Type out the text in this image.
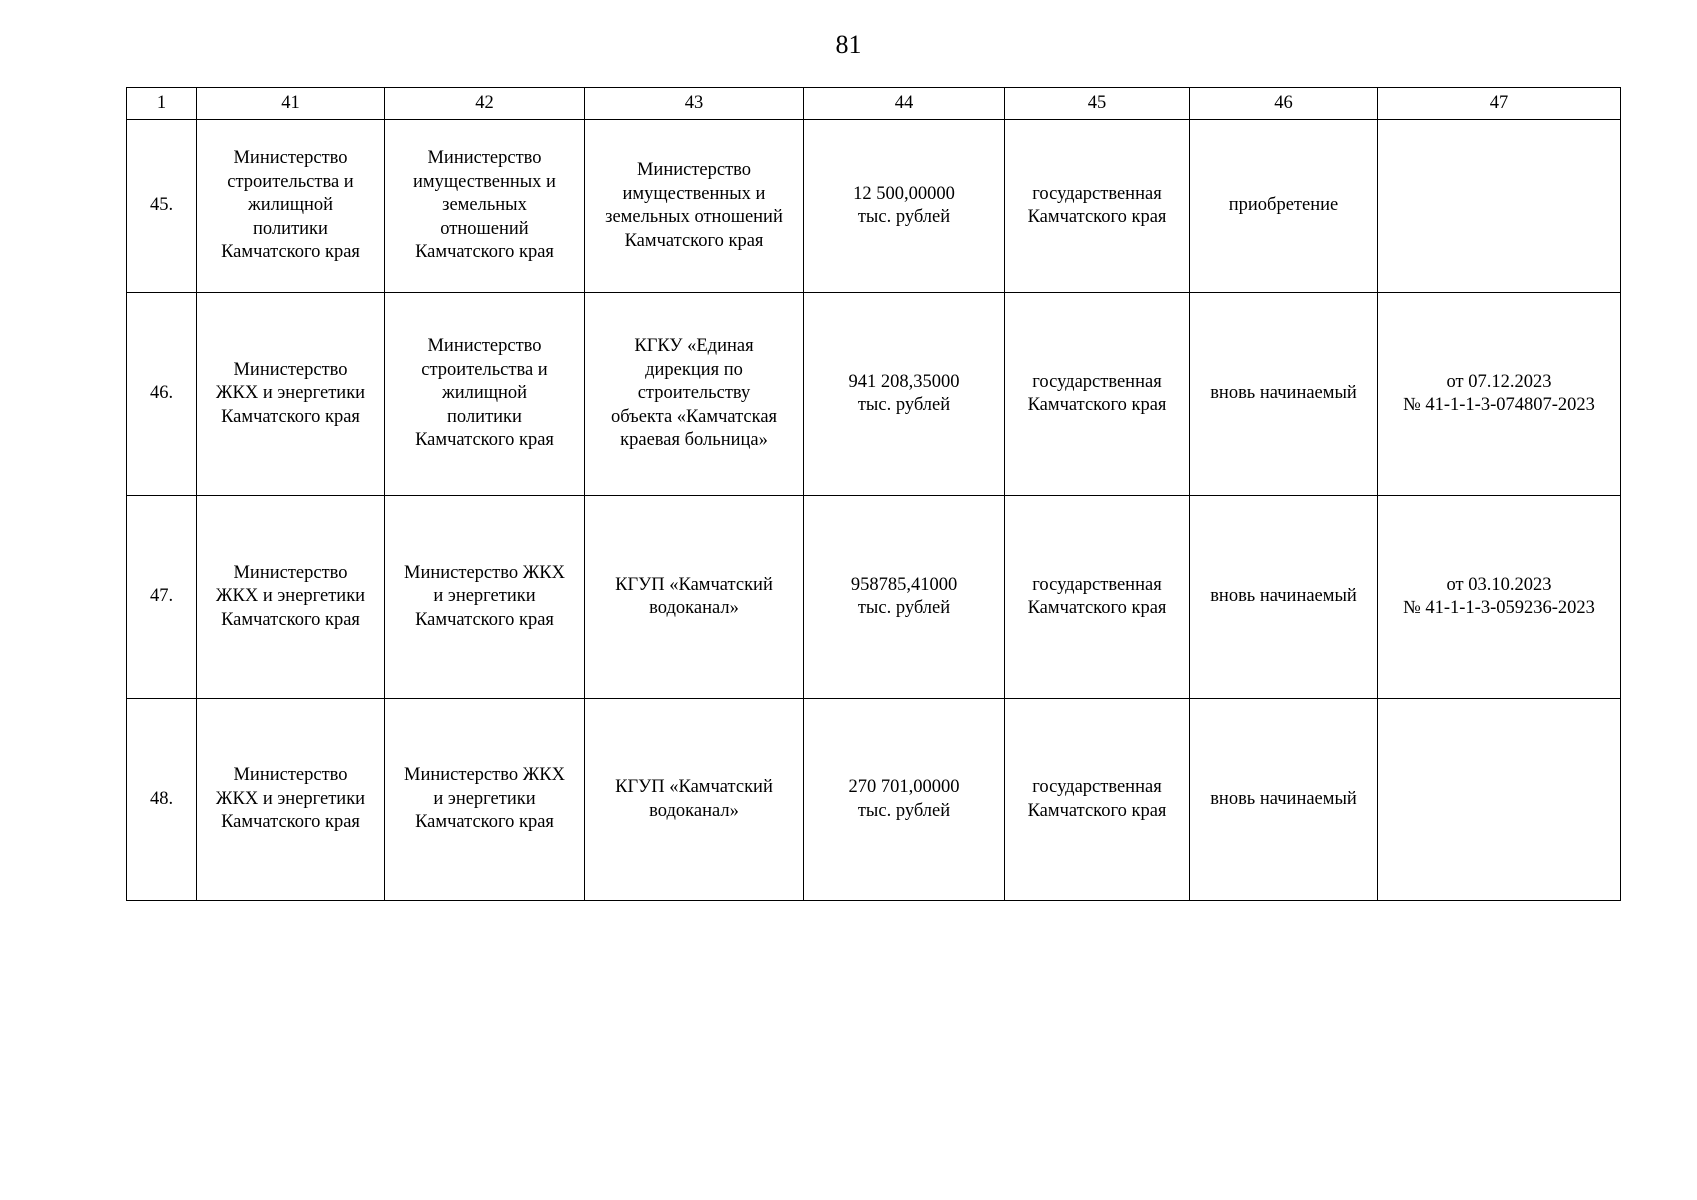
81
1	41	42	43	44	45	46	47
45.	Министерство
строительства и
жилищной
политики
Камчатского края	Министерство
имущественных и
земельных
отношений
Камчатского края	Министерство
имущественных и
земельных отношений
Камчатского края	12 500,00000
тыс. рублей	государственная
Камчатского края	приобретение	
46.	Министерство
ЖКХ и энергетики
Камчатского края	Министерство
строительства и
жилищной
политики
Камчатского края	КГКУ «Единая
дирекция по
строительству
объекта «Камчатская
краевая больница»	941 208,35000
тыс. рублей	государственная
Камчатского края	вновь начинаемый	от 07.12.2023
№ 41-1-1-3-074807-2023
47.	Министерство
ЖКХ и энергетики
Камчатского края	Министерство ЖКХ
и энергетики
Камчатского края	КГУП «Камчатский
водоканал»	958785,41000
тыс. рублей	государственная
Камчатского края	вновь начинаемый	от 03.10.2023
№ 41-1-1-3-059236-2023
48.	Министерство
ЖКХ и энергетики
Камчатского края	Министерство ЖКХ
и энергетики
Камчатского края	КГУП «Камчатский
водоканал»	270 701,00000
тыс. рублей	государственная
Камчатского края	вновь начинаемый	
